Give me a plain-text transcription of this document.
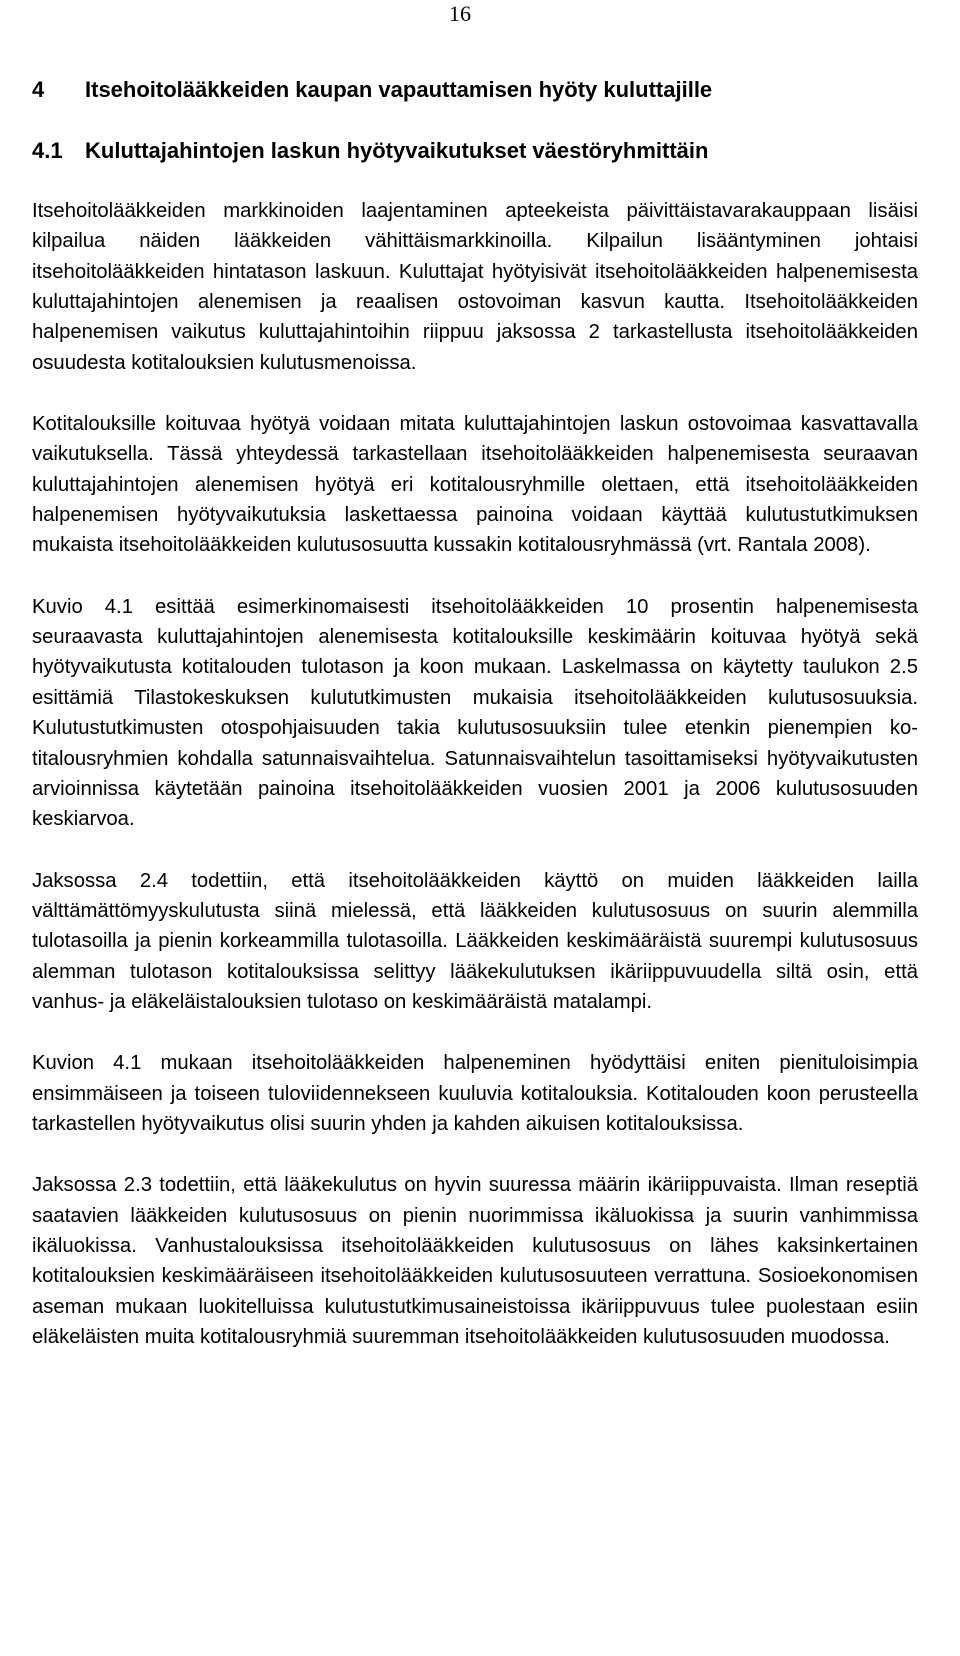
16
4 Itsehoitolääkkeiden kaupan vapauttamisen hyöty kuluttajille
4.1 Kuluttajahintojen laskun hyötyvaikutukset väestöryhmittäin

Itsehoitolääkkeiden markkinoiden laajentaminen apteekeista päivittäistavarakauppaan lisäisi kilpailua näiden lääkkeiden vähittäismarkkinoilla. Kilpailun lisääntyminen johtaisi itsehoitolääkkeiden hintatason laskuun. Kuluttajat hyötyisivät itsehoitolääkkeiden halpenemisesta kuluttajahintojen alenemisen ja reaalisen ostovoiman kasvun kautta. Itsehoitolääkkeiden halpenemisen vaikutus kuluttajahintoihin riippuu jaksossa 2 tarkastellusta itsehoitolääkkeiden osuudesta kotitalouksien kulutusmenoissa.

Kotitalouksille koituvaa hyötyä voidaan mitata kuluttajahintojen laskun ostovoimaa kasvattavalla vaikutuksella. Tässä yhteydessä tarkastellaan itsehoitolääkkeiden halpenemisesta seuraavan kuluttajahintojen alenemisen hyötyä eri kotitalousryhmille olettaen, että itsehoitolääkkeiden halpenemisen hyötyvaikutuksia laskettaessa painoina voidaan käyttää kulutustutkimuksen mukaista itsehoitolääkkeiden kulutusosuutta kussakin kotitalousryhmässä (vrt. Rantala 2008).

Kuvio 4.1 esittää esimerkinomaisesti itsehoitolääkkeiden 10 prosentin halpenemisesta seuraavasta kuluttajahintojen alenemisesta kotitalouksille keskimäärin koituvaa hyötyä sekä hyötyvaikutusta kotitalouden tulotason ja koon mukaan. Laskelmassa on käytetty taulukon 2.5 esittämiä Tilastokeskuksen kulututkimusten mukaisia itsehoitolääkkeiden kulutusosuuksia. Kulutustutkimusten otospohjaisuuden takia kulutusosuuksiin tulee etenkin pienempien kotitalousryhmien kohdalla satunnaisvaihtelua. Satunnaisvaihtelun tasoittamiseksi hyötyvaikutusten arvioinnissa käytetään painoina itsehoitolääkkeiden vuosien 2001 ja 2006 kulutusosuuden keskiarvoa.

Jaksossa 2.4 todettiin, että itsehoitolääkkeiden käyttö on muiden lääkkeiden lailla välttämättömyyskulutusta siinä mielessä, että lääkkeiden kulutusosuus on suurin alemmilla tulotasoilla ja pienin korkeammilla tulotasoilla. Lääkkeiden keskimääräistä suurempi kulutusosuus alemman tulotason kotitalouksissa selittyy lääkekulutuksen ikäriippuvuudella siltä osin, että vanhus- ja eläkeläistalouksien tulotaso on keskimääräistä matalampi.

Kuvion 4.1 mukaan itsehoitolääkkeiden halpeneminen hyödyttäisi eniten pienituloisimpia ensimmäiseen ja toiseen tuloviidennekseen kuuluvia kotitalouksia. Kotitalouden koon perusteella tarkastellen hyötyvaikutus olisi suurin yhden ja kahden aikuisen kotitalouksissa.

Jaksossa 2.3 todettiin, että lääkekulutus on hyvin suuressa määrin ikäriippuvaista. Ilman reseptiä saatavien lääkkeiden kulutusosuus on pienin nuorimmissa ikäluokissa ja suurin vanhimmissa ikäluokissa. Vanhustalouksissa itsehoitolääkkeiden kulutusosuus on lähes kaksinkertainen kotitalouksien keskimääräiseen itsehoitolääkkeiden kulutusosuuteen verrattuna. Sosioekonomisen aseman mukaan luokitelluissa kulutustutkimusaineistoissa ikäriippuvuus tulee puolestaan esiin eläkeläisten muita kotitalousryhmiä suuremman itsehoitolääkkeiden kulutusosuuden muodossa.
